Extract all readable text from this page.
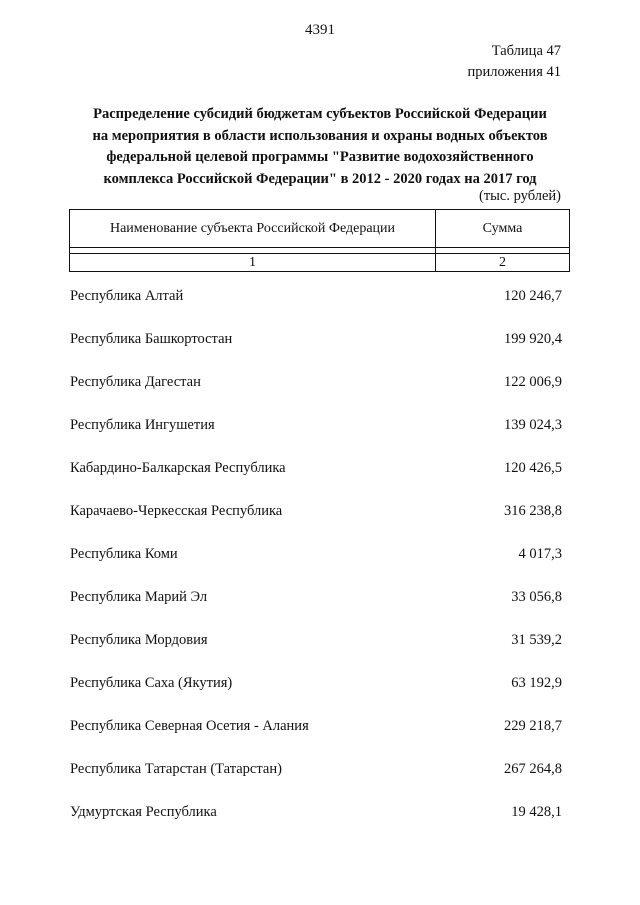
4391
Таблица 47
приложения 41
Распределение субсидий бюджетам субъектов Российской Федерации
на мероприятия в области использования и охраны водных объектов
федеральной целевой программы "Развитие водохозяйственного
комплекса Российской Федерации" в 2012 - 2020 годах на 2017 год
(тыс. рублей)
Наименование субъекта Российской Федерации	Сумма

1	2
Республика Алтай	120 246,7
Республика Башкортостан	199 920,4
Республика Дагестан	122 006,9
Республика Ингушетия	139 024,3
Кабардино-Балкарская Республика	120 426,5
Карачаево-Черкесская Республика	316 238,8
Республика Коми	4 017,3
Республика Марий Эл	33 056,8
Республика Мордовия	31 539,2
Республика Саха (Якутия)	63 192,9
Республика Северная Осетия - Алания	229 218,7
Республика Татарстан (Татарстан)	267 264,8
Удмуртская Республика	19 428,1
